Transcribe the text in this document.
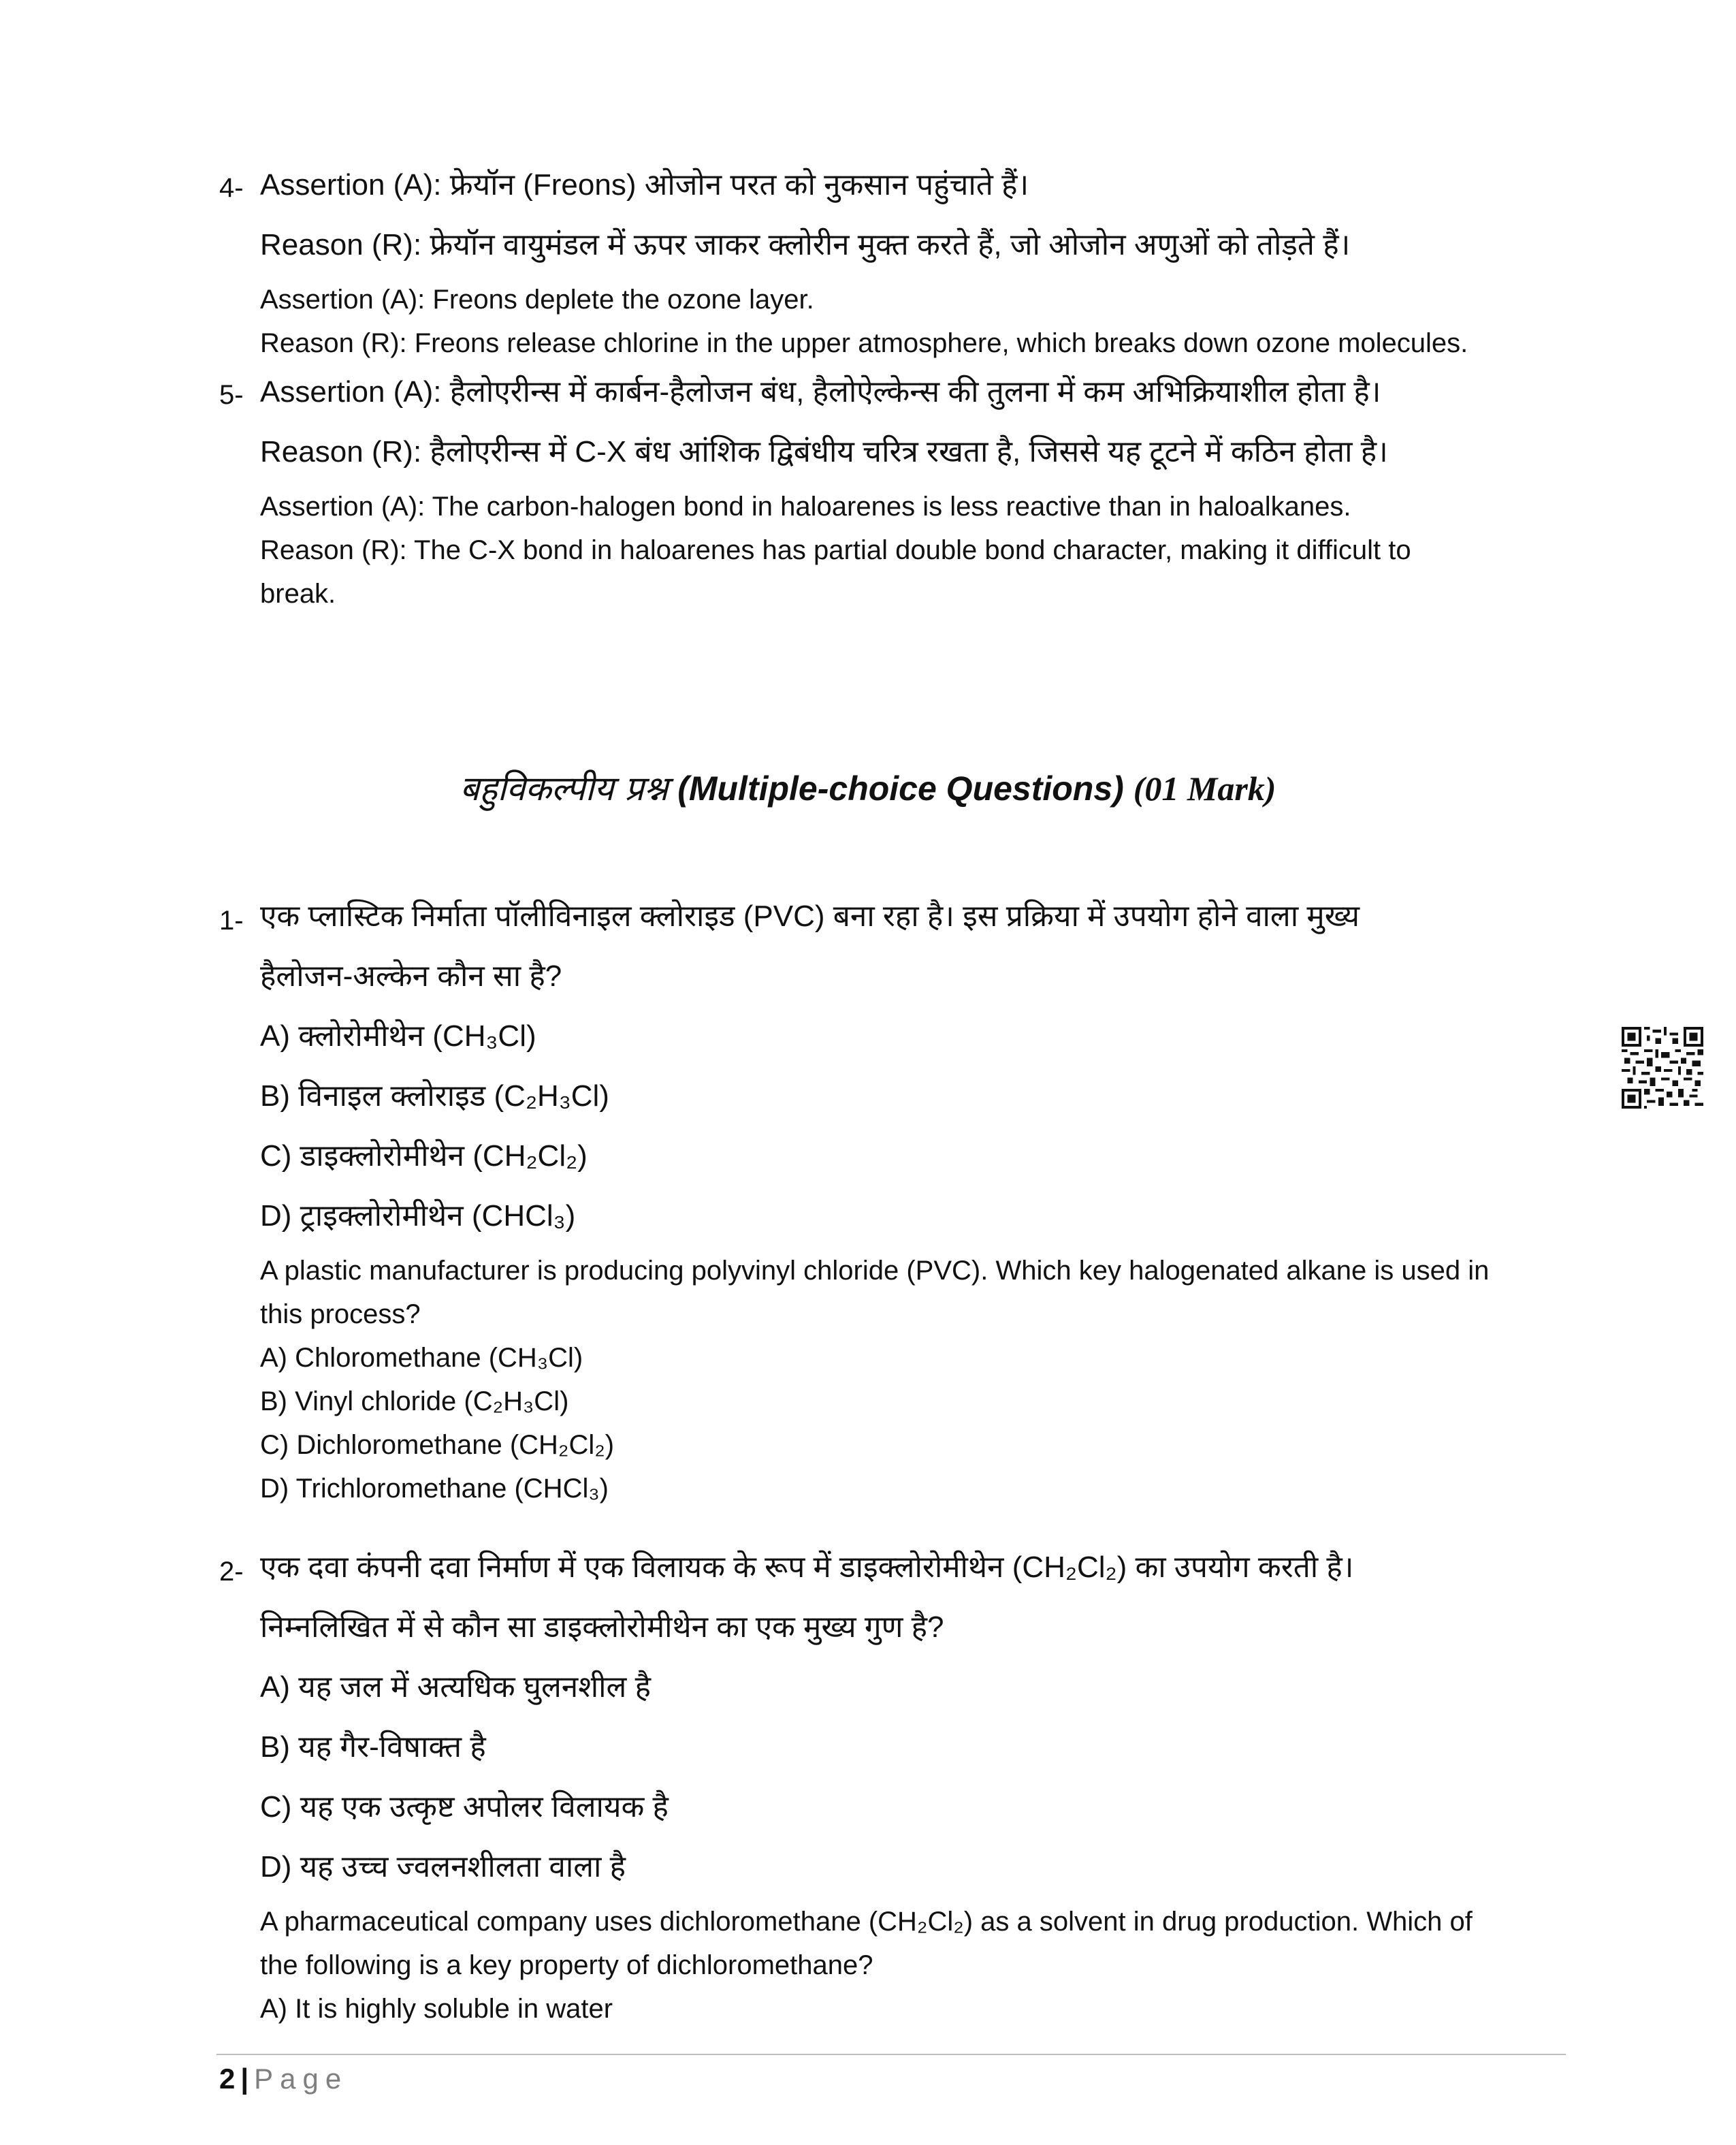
4- Assertion (A): फ्रेयॉन (Freons) ओजोन परत को नुकसान पहुंचाते हैं।
Reason (R): फ्रेयॉन वायुमंडल में ऊपर जाकर क्लोरीन मुक्त करते हैं, जो ओजोन अणुओं को तोड़ते हैं।
Assertion (A): Freons deplete the ozone layer.
Reason (R): Freons release chlorine in the upper atmosphere, which breaks down ozone molecules.
5- Assertion (A): हैलोएरीन्स में कार्बन-हैलोजन बंध, हैलोऐल्केन्स की तुलना में कम अभिक्रियाशील होता है।
Reason (R): हैलोएरीन्स में C-X बंध आंशिक द्विबंधीय चरित्र रखता है, जिससे यह टूटने में कठिन होता है।
Assertion (A): The carbon-halogen bond in haloarenes is less reactive than in haloalkanes.
Reason (R): The C-X bond in haloarenes has partial double bond character, making it difficult to
break.
बहुविकल्पीय प्रश्न (Multiple-choice Questions) (01 Mark)
1- एक प्लास्टिक निर्माता पॉलीविनाइल क्लोराइड (PVC) बना रहा है। इस प्रक्रिया में उपयोग होने वाला मुख्य
हैलोजन-अल्केन कौन सा है?
A) क्लोरोमीथेन (CH₃Cl)
B) विनाइल क्लोराइड (C₂H₃Cl)
C) डाइक्लोरोमीथेन (CH₂Cl₂)
D) ट्राइक्लोरोमीथेन (CHCl₃)
A plastic manufacturer is producing polyvinyl chloride (PVC). Which key halogenated alkane is used in
this process?
A) Chloromethane (CH₃Cl)
B) Vinyl chloride (C₂H₃Cl)
C) Dichloromethane (CH₂Cl₂)
D) Trichloromethane (CHCl₃)
2- एक दवा कंपनी दवा निर्माण में एक विलायक के रूप में डाइक्लोरोमीथेन (CH₂Cl₂) का उपयोग करती है।
निम्नलिखित में से कौन सा डाइक्लोरोमीथेन का एक मुख्य गुण है?
A) यह जल में अत्यधिक घुलनशील है
B) यह गैर-विषाक्त है
C) यह एक उत्कृष्ट अपोलर विलायक है
D) यह उच्च ज्वलनशीलता वाला है
A pharmaceutical company uses dichloromethane (CH₂Cl₂) as a solvent in drug production. Which of
the following is a key property of dichloromethane?
A) It is highly soluble in water
2 | Page
